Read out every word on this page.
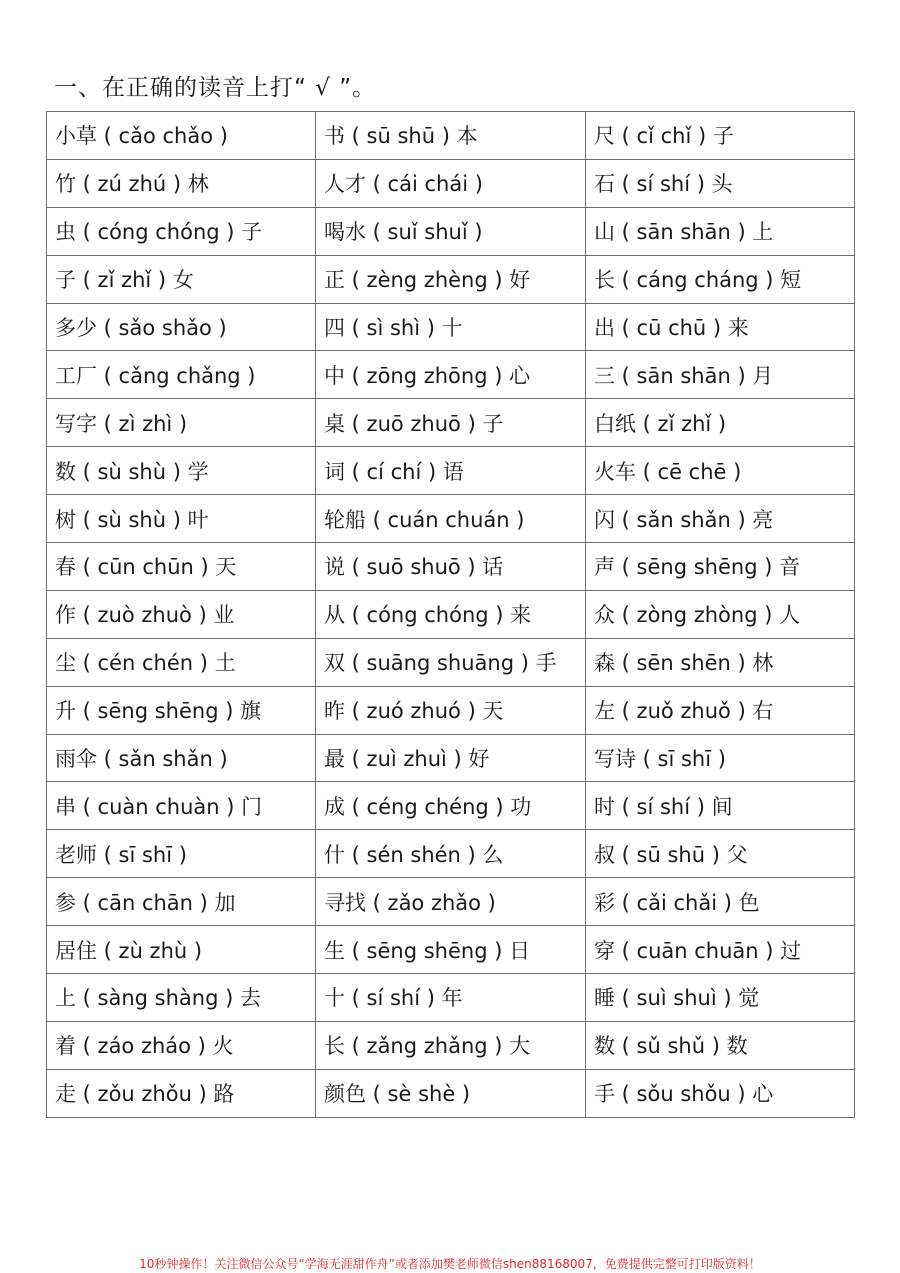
一、在正确的读音上打“ √ ”。
小草 ( cǎo chǎo )	书 ( sū shū ) 本	尺 ( cǐ chǐ ) 子
竹 ( zú zhú ) 林	人才 ( cái chái )	石 ( sí shí ) 头
虫 ( cóng chóng ) 子	喝水 ( suǐ shuǐ )	山 ( sān shān ) 上
子 ( zǐ zhǐ ) 女	正 ( zèng zhèng ) 好	长 ( cáng cháng ) 短
多少 ( sǎo shǎo )	四 ( sì shì ) 十	出 ( cū chū ) 来
工厂 ( cǎng chǎng )	中 ( zōng zhōng ) 心	三 ( sān shān ) 月
写字 ( zì zhì )	桌 ( zuō zhuō ) 子	白纸 ( zǐ zhǐ )
数 ( sù shù ) 学	词 ( cí chí ) 语	火车 ( cē chē )
树 ( sù shù ) 叶	轮船 ( cuán chuán )	闪 ( sǎn shǎn ) 亮
春 ( cūn chūn ) 天	说 ( suō shuō ) 话	声 ( sēng shēng ) 音
作 ( zuò zhuò ) 业	从 ( cóng chóng ) 来	众 ( zòng zhòng ) 人
尘 ( cén chén ) 土	双 ( suāng shuāng ) 手	森 ( sēn shēn ) 林
升 ( sēng shēng ) 旗	昨 ( zuó zhuó ) 天	左 ( zuǒ zhuǒ ) 右
雨伞 ( sǎn shǎn )	最 ( zuì zhuì ) 好	写诗 ( sī shī )
串 ( cuàn chuàn ) 门	成 ( céng chéng ) 功	时 ( sí shí ) 间
老师 ( sī shī )	什 ( sén shén ) 么	叔 ( sū shū ) 父
参 ( cān chān ) 加	寻找 ( zǎo zhǎo )	彩 ( cǎi chǎi ) 色
居住 ( zù zhù )	生 ( sēng shēng ) 日	穿 ( cuān chuān ) 过
上 ( sàng shàng ) 去	十 ( sí shí ) 年	睡 ( suì shuì ) 觉
着 ( záo zháo ) 火	长 ( zǎng zhǎng ) 大	数 ( sǔ shǔ ) 数
走 ( zǒu zhǒu ) 路	颜色 ( sè shè )	手 ( sǒu shǒu ) 心
10秒钟操作！关注微信公众号“学海无涯甜作舟”或者添加樊老师微信shen88168007，免费提供完整可打印版资料！
